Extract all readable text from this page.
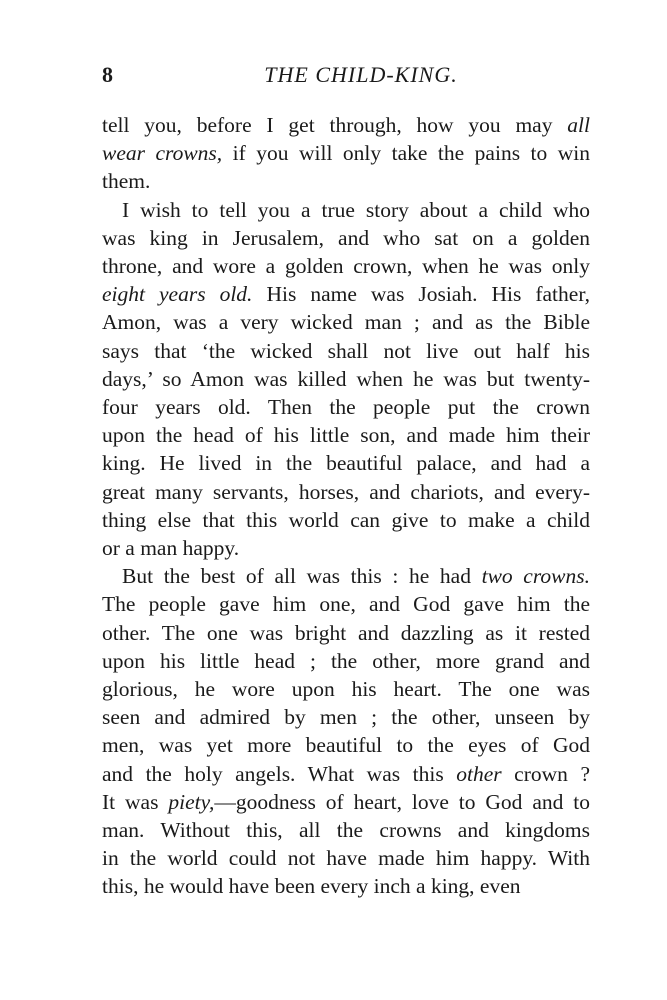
8	THE CHILD-KING.
tell you, before I get through, how you may all
wear crowns, if you will only take the pains to win
them.
I wish to tell you a true story about a child who
was king in Jerusalem, and who sat on a golden
throne, and wore a golden crown, when he was only
eight years old. His name was Josiah. His father,
Amon, was a very wicked man ; and as the Bible
says that ‘the wicked shall not live out half his
days,’ so Amon was killed when he was but twenty-
four years old. Then the people put the crown
upon the head of his little son, and made him their
king. He lived in the beautiful palace, and had a
great many servants, horses, and chariots, and every-
thing else that this world can give to make a child
or a man happy.
But the best of all was this : he had two crowns.
The people gave him one, and God gave him the
other. The one was bright and dazzling as it rested
upon his little head ; the other, more grand and
glorious, he wore upon his heart. The one was
seen and admired by men ; the other, unseen by
men, was yet more beautiful to the eyes of God
and the holy angels. What was this other crown ?
It was piety,—goodness of heart, love to God and to
man. Without this, all the crowns and kingdoms
in the world could not have made him happy. With
this, he would have been every inch a king, even
